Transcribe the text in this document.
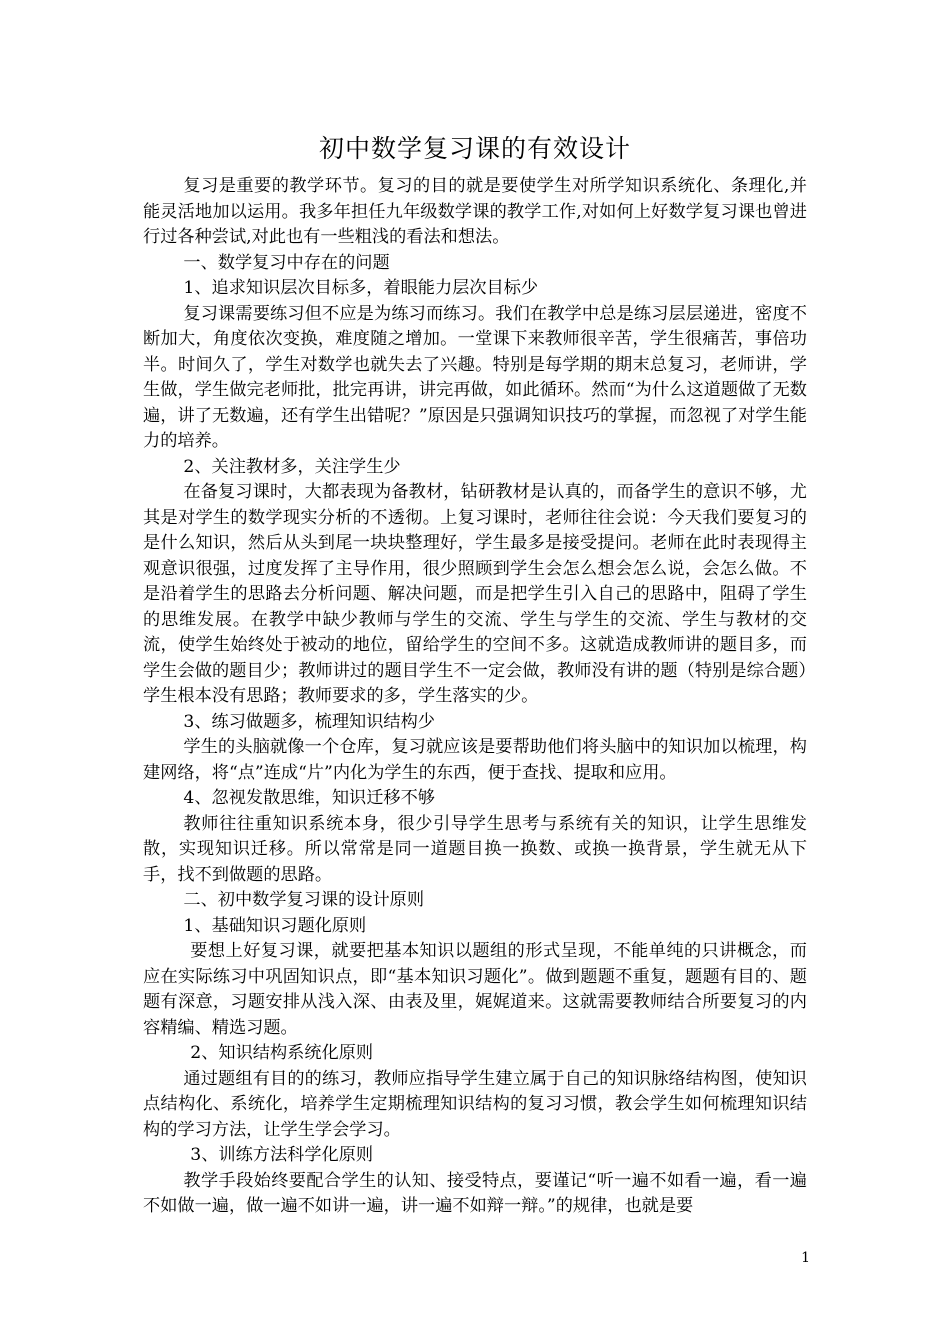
初中数学复习课的有效设计

复习是重要的教学环节。复习的目的就是要使学生对所学知识系统化、条理化,并能灵活地加以运用。我多年担任九年级数学课的教学工作,对如何上好数学复习课也曾进行过各种尝试,对此也有一些粗浅的看法和想法。

一、数学复习中存在的问题

1、追求知识层次目标多，着眼能力层次目标少

复习课需要练习但不应是为练习而练习。我们在教学中总是练习层层递进，密度不断加大，角度依次变换，难度随之增加。一堂课下来教师很辛苦，学生很痛苦，事倍功半。时间久了，学生对数学也就失去了兴趣。特别是每学期的期末总复习，老师讲，学生做，学生做完老师批，批完再讲，讲完再做，如此循环。然而“为什么这道题做了无数遍，讲了无数遍，还有学生出错呢？”原因是只强调知识技巧的掌握，而忽视了对学生能力的培养。

2、关注教材多，关注学生少

在备复习课时，大都表现为备教材，钻研教材是认真的，而备学生的意识不够，尤其是对学生的数学现实分析的不透彻。上复习课时，老师往往会说：今天我们要复习的是什么知识，然后从头到尾一块块整理好，学生最多是接受提问。老师在此时表现得主观意识很强，过度发挥了主导作用，很少照顾到学生会怎么想会怎么说，会怎么做。不是沿着学生的思路去分析问题、解决问题，而是把学生引入自己的思路中，阻碍了学生的思维发展。在教学中缺少教师与学生的交流、学生与学生的交流、学生与教材的交流，使学生始终处于被动的地位，留给学生的空间不多。这就造成教师讲的题目多，而学生会做的题目少；教师讲过的题目学生不一定会做，教师没有讲的题（特别是综合题）学生根本没有思路；教师要求的多，学生落实的少。

3、练习做题多，梳理知识结构少

学生的头脑就像一个仓库，复习就应该是要帮助他们将头脑中的知识加以梳理，构建网络，将“点”连成“片”内化为学生的东西，便于查找、提取和应用。

4、忽视发散思维，知识迁移不够

教师往往重知识系统本身，很少引导学生思考与系统有关的知识，让学生思维发散，实现知识迁移。所以常常是同一道题目换一换数、或换一换背景，学生就无从下手，找不到做题的思路。

二、初中数学复习课的设计原则

1、基础知识习题化原则

要想上好复习课，就要把基本知识以题组的形式呈现，不能单纯的只讲概念，而应在实际练习中巩固知识点，即“基本知识习题化”。做到题题不重复，题题有目的、题题有深意，习题安排从浅入深、由表及里，娓娓道来。这就需要教师结合所要复习的内容精编、精选习题。

2、知识结构系统化原则

通过题组有目的的练习，教师应指导学生建立属于自己的知识脉络结构图，使知识点结构化、系统化，培养学生定期梳理知识结构的复习习惯，教会学生如何梳理知识结构的学习方法，让学生学会学习。

3、训练方法科学化原则

教学手段始终要配合学生的认知、接受特点，要谨记“听一遍不如看一遍，看一遍不如做一遍，做一遍不如讲一遍，讲一遍不如辩一辩。”的规律，也就是要

1
